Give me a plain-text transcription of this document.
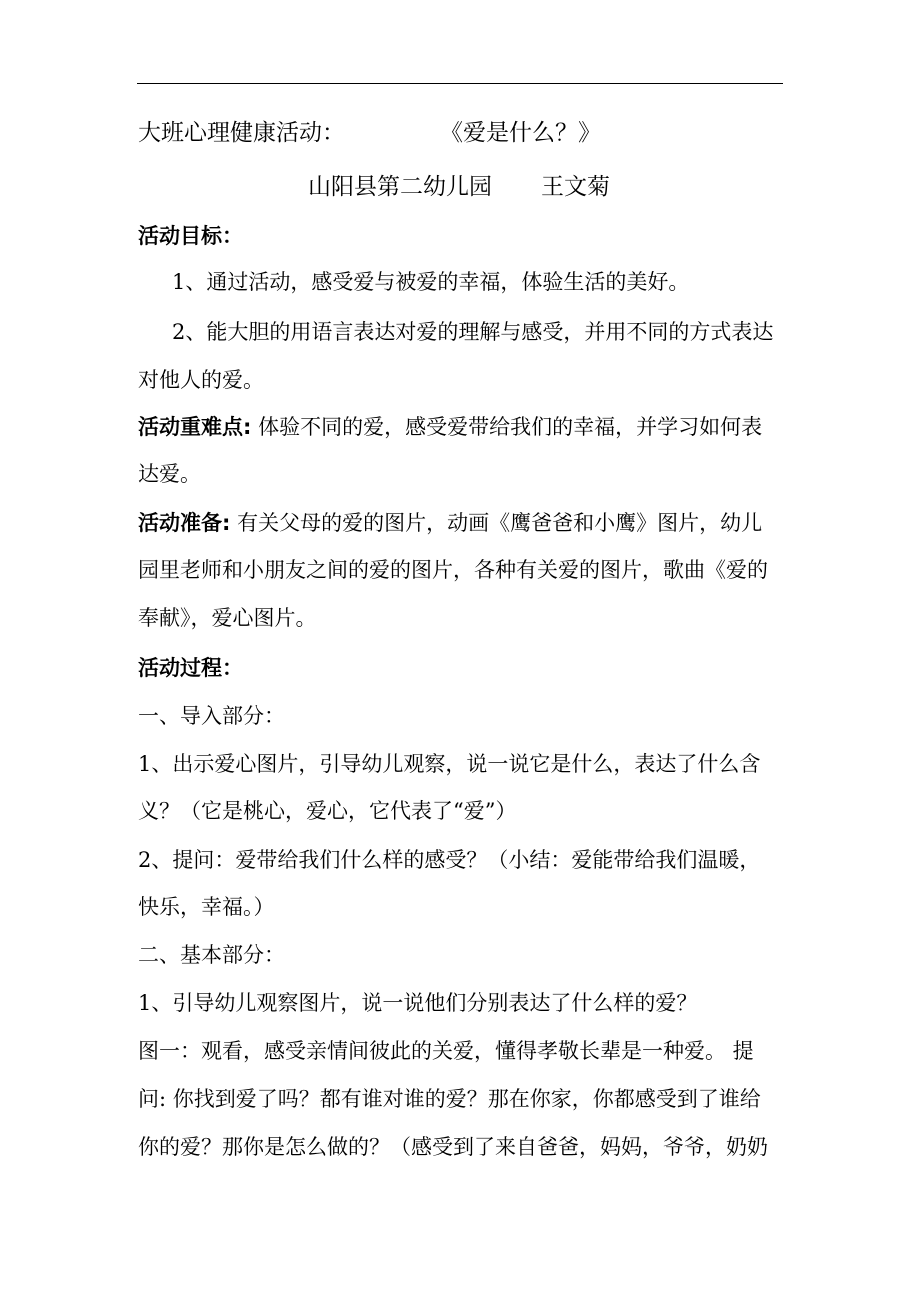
大班心理健康活动：	《爱是什么？》
山阳县第二幼儿园 王文菊
活动目标：
1、通过活动，感受爱与被爱的幸福，体验生活的美好。
2、能大胆的用语言表达对爱的理解与感受，并用不同的方式表达
对他人的爱。
活动重难点: 体验不同的爱，感受爱带给我们的幸福，并学习如何表
达爱。
活动准备: 有关父母的爱的图片，动画《鹰爸爸和小鹰》图片，幼儿
园里老师和小朋友之间的爱的图片，各种有关爱的图片，歌曲《爱的
奉献》，爱心图片。
活动过程：
一、导入部分：
1、出示爱心图片，引导幼儿观察，说一说它是什么，表达了什么含
义？（它是桃心，爱心，它代表了“爱”）
2、提问：爱带给我们什么样的感受？（小结：爱能带给我们温暖，
快乐，幸福。）
二、基本部分：
1、引导幼儿观察图片，说一说他们分别表达了什么样的爱？
图一：观看，感受亲情间彼此的关爱，懂得孝敬长辈是一种爱。 提
问: 你找到爱了吗？都有谁对谁的爱？那在你家，你都感受到了谁给
你的爱？那你是怎么做的？（感受到了来自爸爸，妈妈，爷爷，奶奶
